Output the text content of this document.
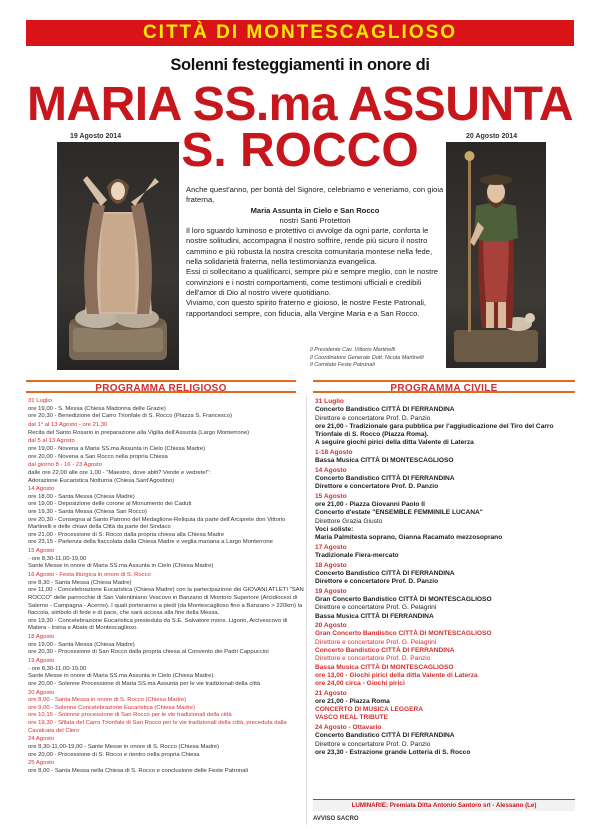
CITTÀ DI MONTESCAGLIOSO
Solenni festeggiamenti in onore di
MARIA SS.ma ASSUNTA
S. ROCCO
19 Agosto 2014	20 Agosto 2014

Anche quest'anno, per bontà del Signore, celebriamo e veneriamo, con gioia fraterna,

Maria Assunta in Cielo e San Rocco

nostri Santi Protettori

Il loro sguardo luminoso e protettivo ci avvolge da ogni parte, conforta le nostre solitudini, accompagna il nostro soffrire, rende più sicuro il nostro cammino e più robusta la nostra crescita comunitaria montese nella fede, nella solidarietà fraterna, nella testimonianza evangelica.

Essi ci sollecitano a qualificarci, sempre più e sempre meglio, con le nostre convinzioni e i nostri comportamenti, come testimoni ufficiali e credibili dell'amor di Dio al nostro vivere quotidiano.

Viviamo, con questo spirito fraterno e gioioso, le nostre Feste Patronali, rapportandoci sempre, con fiducia, alla Vergine Maria e a San Rocco.

Il Presidente Cav. Vittorio Martinelli
Il Coordinatore Generale Dott. Nicola Martinelli
Il Comitato Feste Patronali
PROGRAMMA RELIGIOSO	PROGRAMMA CIVILE
31 Luglio
ore 19,00 - S. Messa (Chiesa Madonna delle Grazie)
ore 20,30 - Benedizione del Carro Trionfale di S. Rocco (Piazza S. Francesco)
dal 1° al 13 Agosto - ore 21,30
Recita del Santo Rosario in preparazione alla Vigilia dell'Assunta (Largo Monterrone)
dal 5 al 13 Agosto
ore 19,00 - Novena a Maria SS.ma Assunta in Cielo (Chiesa Madre)
ore 20,00 - Novena a San Rocco nella propria Chiesa
dal giorno 8 - 16 - 23 Agosto
dalle ore 22,00 alle ore 1,00 - "Maestro, dove abiti? Venite e vedrete!":
Adorazione Eucaristica Notturna (Chiesa Sant'Agostino)
14 Agosto
ore 18,00 - Santa Messa (Chiesa Madre)
ore 19,00 - Deposizione delle corone al Monumento dei Caduti
ore 19,30 - Santa Messa (Chiesa San Rocco)
ore 20,30 - Consegna al Santo Patrono del Medaglione-Reliquia da parte dell'Arciprete don Vittorio Martinelli e delle chiavi della Città da parte del Sindaco
ore 21,00 - Processione di S. Rocco dalla propria chiesa alla Chiesa Madre
ore 23,15 - Partenza della fiaccolata dalla Chiesa Madre e veglia mariana a Largo Monterrone
15 Agosto
- ore 8,30-11,00-19,00
Sante Messe in onore di Maria SS.ma Assunta in Cielo (Chiesa Madre)
16 Agosto - Festa liturgica in onore di S. Rocco
ore 8,30 - Santa Messa (Chiesa Madre)
ore 11,00 - Concelebrazione Eucaristica (Chiesa Madre) con la partecipazione dei GIOVANI ATLETI "SAN ROCCO" delle parrocchie di San Valentiniano Vescovo in Banzano di Montoro Superiore (Arcidiocesi di Salerno - Campagna - Acerno). I quali porteranno a piedi (da Montescaglioso fino a Banzano > 220km) la fiaccola, simbolo di fede e di pace, che sarà accesa alla fine della Messa.
ore 19,30 - Concelebrazione Eucaristica presieduta da S.E. Salvatore mons. Ligorio, Arcivescovo di Matera - Irsina e Abate di Montescaglioso.
18 Agosto
ore 19,00 - Santa Messa (Chiesa Madre)
ore 20,30 - Processione di San Rocco dalla propria chiesa al Convento dei Padri Cappuccini
19 Agosto
- ore 8,30-11,00-19,00
Sante Messe in onore di Maria SS.ma Assunta in Cielo (Chiesa Madre).
ore 20,00 - Solenne Processione di Maria SS.ma Assunta per le vie tradizionali della città
20 Agosto
ore 8,00 - Santa Messa in onore di S. Rocco (Chiesa Madre)
ore 9,00 - Solenne Concelebrazione Eucaristica (Chiesa Madre)
ore 10,15 - Solenne processione di San Rocco per le vie tradizionali della città
ore 19,30 - Sfilata del Carro Trionfale di San Rocco per le vie tradizionali della città, preceduta dalla Cavalcata del Clero
24 Agosto
ore 8,30-11,00-19,00 - Sante Messe in onore di S. Rocco (Chiesa Madre)
ore 20,00 - Processione di S. Rocco e rientro nella propria Chiesa
25 Agosto
ore 8,00 - Santa Messa nella Chiesa di S. Rocco e conclusione delle Feste Patronali
31 Luglio
Concerto Bandistico CITTÀ DI FERRANDINA
Direttore e concertatore Prof. D. Panzio
ore 21,00 - Tradizionale gara pubblica per l'aggiudicazione del Tiro del Carro Trionfale di S. Rocco (Piazza Roma).
A seguire giochi pirici della ditta Valente di Laterza
1-18 Agosto
Bassa Musica CITTÀ DI MONTESCAGLIOSO
14 Agosto
Concerto Bandistico CITTÀ DI FERRANDINA
Direttore e concertatore Prof. D. Panzio
15 Agosto
ore 21,00 - Piazza Giovanni Paolo II
Concerto d'estate "ENSEMBLE FEMMINILE LUCANA"
Direttore Grazia Giusto
Voci soliste:
Maria Palmitesta soprano, Gianna Racamato mezzosoprano
17 Agosto
Tradizionale Fiera-mercato
18 Agosto
Concerto Bandistico CITTÀ DI FERRANDINA
Direttore e concertatore Prof. D. Panzio
19 Agosto
Gran Concerto Bandistico CITTÀ DI MONTESCAGLIOSO
Direttore e concertatore Prof. G. Pelagrini
Bassa Musica CITTÀ DI FERRANDINA
20 Agosto
Gran Concerto Bandistico CITTÀ DI MONTESCAGLIOSO
Direttore e concertatore Prof. G. Pelagrini
Concerto Bandistico CITTÀ DI FERRANDINA
Direttore e concertatore Prof. D. Panzio
Bassa Musica CITTÀ DI MONTESCAGLIOSO
ore 13,00 - Giochi pirici della ditta Valente di Laterza
ore 24,00 circa - Giochi pirici
21 Agosto
ore 21,00 - Piazza Roma
CONCERTO DI MUSICA LEGGERA
VASCO REAL TRIBUTE
24 Agosto - Ottavario
Concerto Bandistico CITTÀ DI FERRANDINA
Direttore e concertatore Prof. D. Panzio
ore 23,30 - Estrazione grande Lotteria di S. Rocco
LUMINARIE: Premiata Ditta Antonio Santoro srl - Alessano (Le)
AVVISO SACRO
